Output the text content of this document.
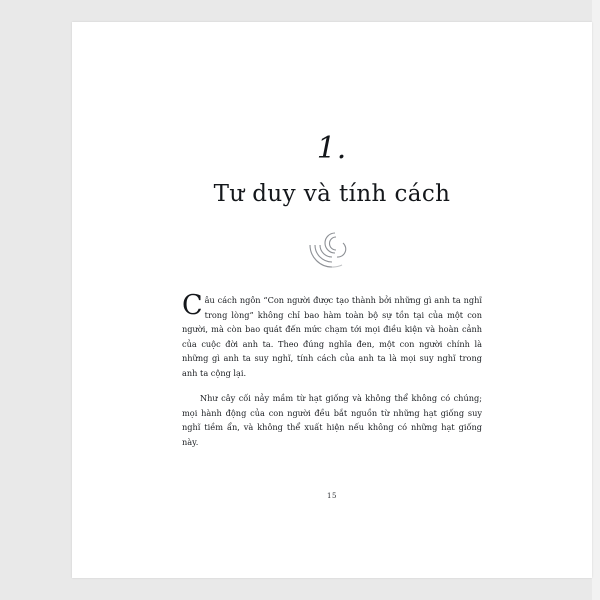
1.
Tư duy và tính cách

Câu cách ngôn “Con người được tạo thành bởi những gì anh ta nghĩ trong lòng” không chỉ bao hàm toàn bộ sự tồn tại của một con người, mà còn bao quát đến mức chạm tới mọi điều kiện và hoàn cảnh của cuộc đời anh ta. Theo đúng nghĩa đen, một con người chính là những gì anh ta suy nghĩ, tính cách của anh ta là mọi suy nghĩ trong anh ta cộng lại.

Như cây cối nảy mầm từ hạt giống và không thể không có chúng; mọi hành động của con người đều bắt nguồn từ những hạt giống suy nghĩ tiềm ẩn, và không thể xuất hiện nếu không có những hạt giống này.

15
